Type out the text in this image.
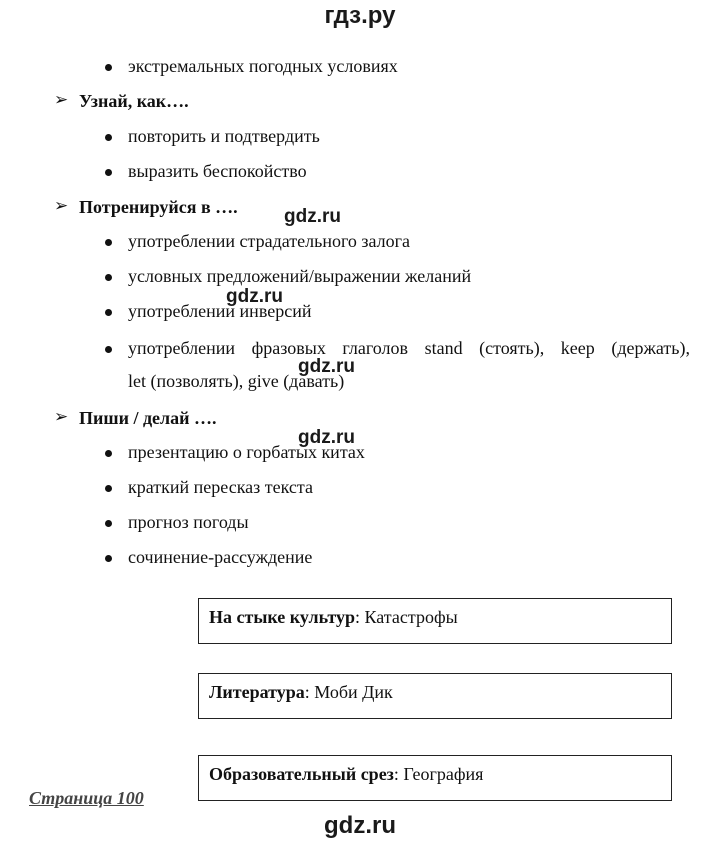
гдз.ру
экстремальных погодных условиях
➢ Узнай, как….
повторить и подтвердить
выразить беспокойство
➢ Потренируйся в …. gdz.ru
употреблении страдательного залога
условных предложений/выражении желаний
gdz.ru
употреблении инверсий
употреблении фразовых глаголов stand (стоять), keep (держать),
gdz.ru
let (позволять), give (давать)
➢ Пиши / делай ….
gdz.ru
презентацию о горбатых китах
краткий пересказ текста
прогноз погоды
сочинение-рассуждение
На стыке культур: Катастрофы
Литература: Моби Дик
Образовательный срез: География
Страница 100
gdz.ru
